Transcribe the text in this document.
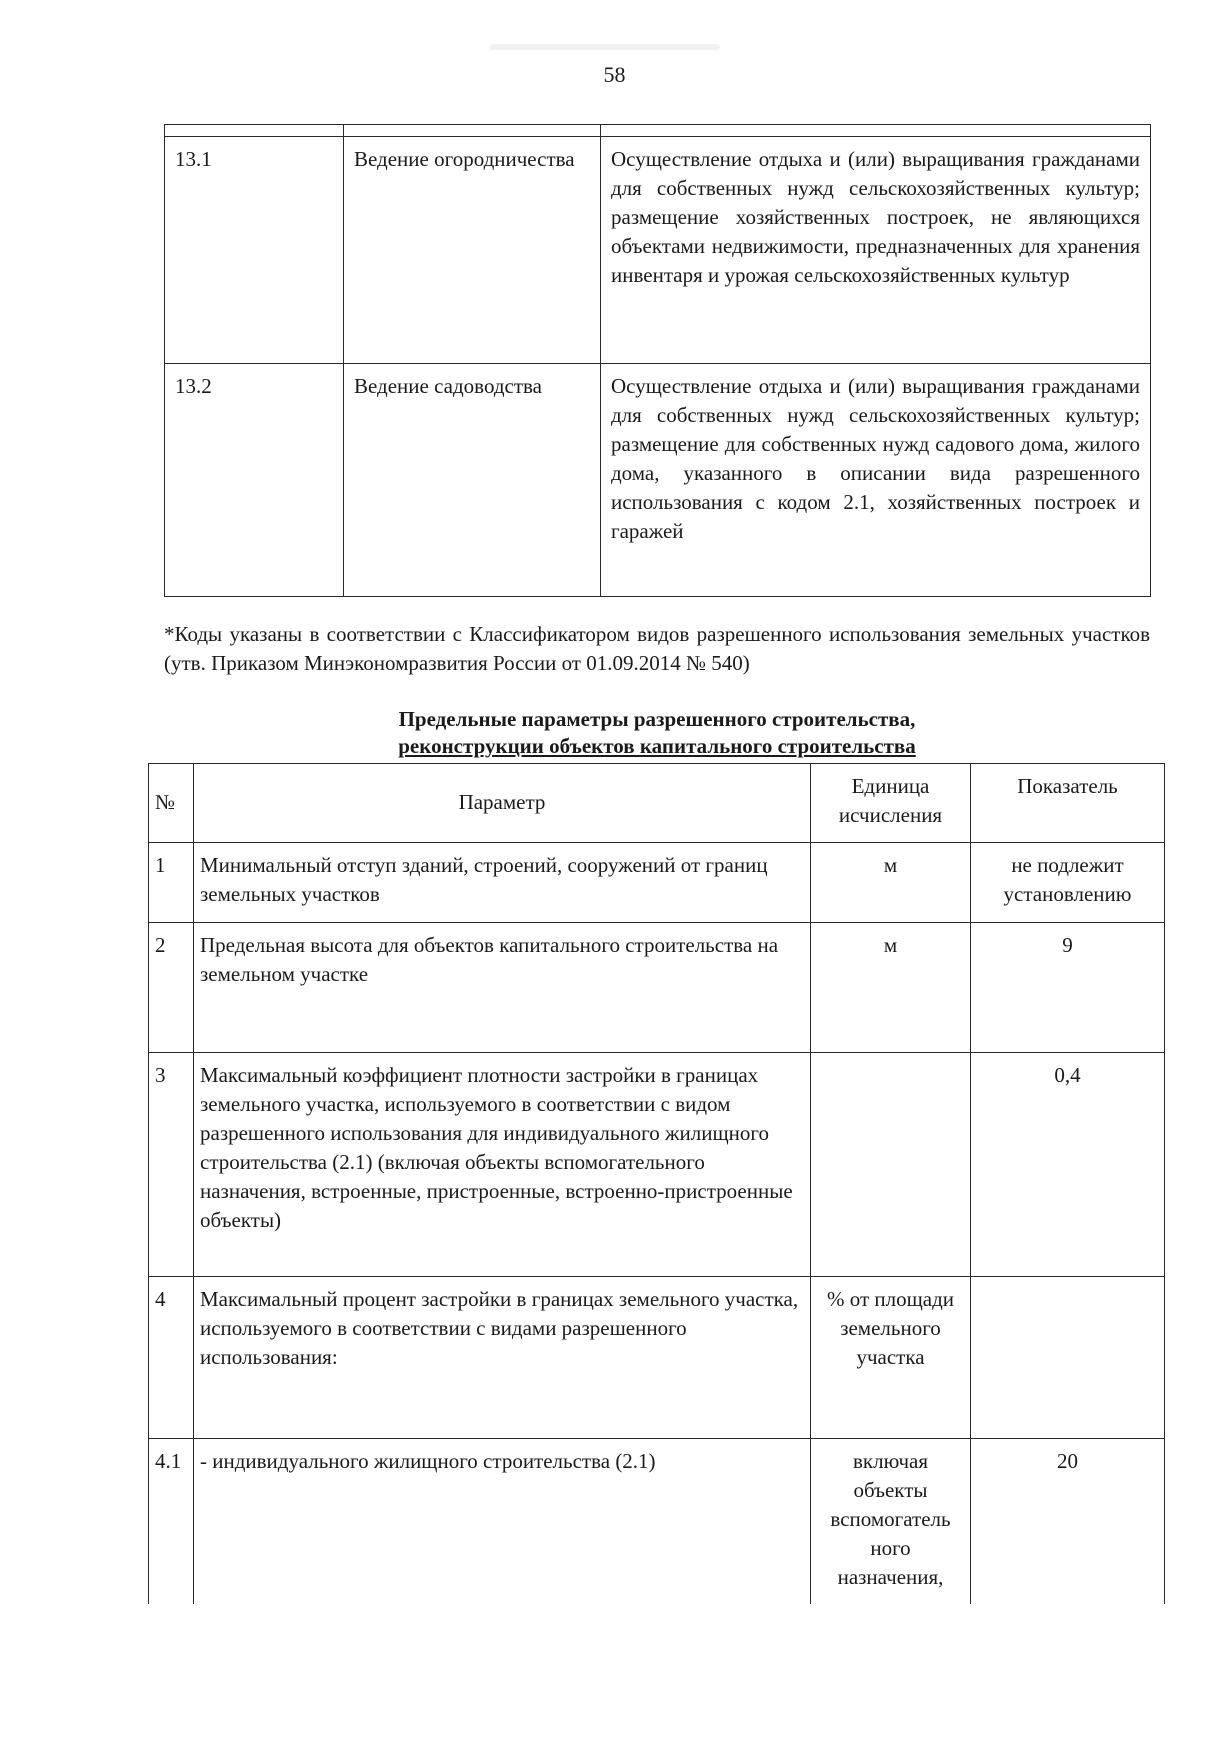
58

13.1	Ведение огородничества	Осуществление отдыха и (или) выращивания гражданами для собственных нужд сельскохозяйственных культур; размещение хозяйственных построек, не являющихся объектами недвижимости, предназначенных для хранения инвентаря и урожая сельскохозяйственных культур
13.2	Ведение садоводства	Осуществление отдыха и (или) выращивания гражданами для собственных нужд сельскохозяйственных культур; размещение для собственных нужд садового дома, жилого дома, указанного в описании вида разрешенного использования с кодом 2.1, хозяйственных построек и гаражей
*Коды указаны в соответствии с Классификатором видов разрешенного использования земельных участков (утв. Приказом Минэкономразвития России от 01.09.2014 № 540)
Предельные параметры разрешенного строительства,
реконструкции объектов капитального строительства
№	Параметр	Единица исчисления	Показатель
1	Минимальный отступ зданий, строений, сооружений от границ земельных участков	м	не подлежит установлению
2	Предельная высота для объектов капитального строительства на земельном участке	м	9
3	Максимальный коэффициент плотности застройки в границах земельного участка, используемого в соответствии с видом разрешенного использования для индивидуального жилищного строительства (2.1) (включая объекты вспомогательного назначения, встроенные, пристроенные, встроенно-пристроенные объекты)		0,4
4	Максимальный процент застройки в границах земельного участка, используемого в соответствии с видами разрешенного использования:	% от площади земельного участка	
4.1	- индивидуального жилищного строительства (2.1)	включая объекты вспомогатель ного назначения,	20
